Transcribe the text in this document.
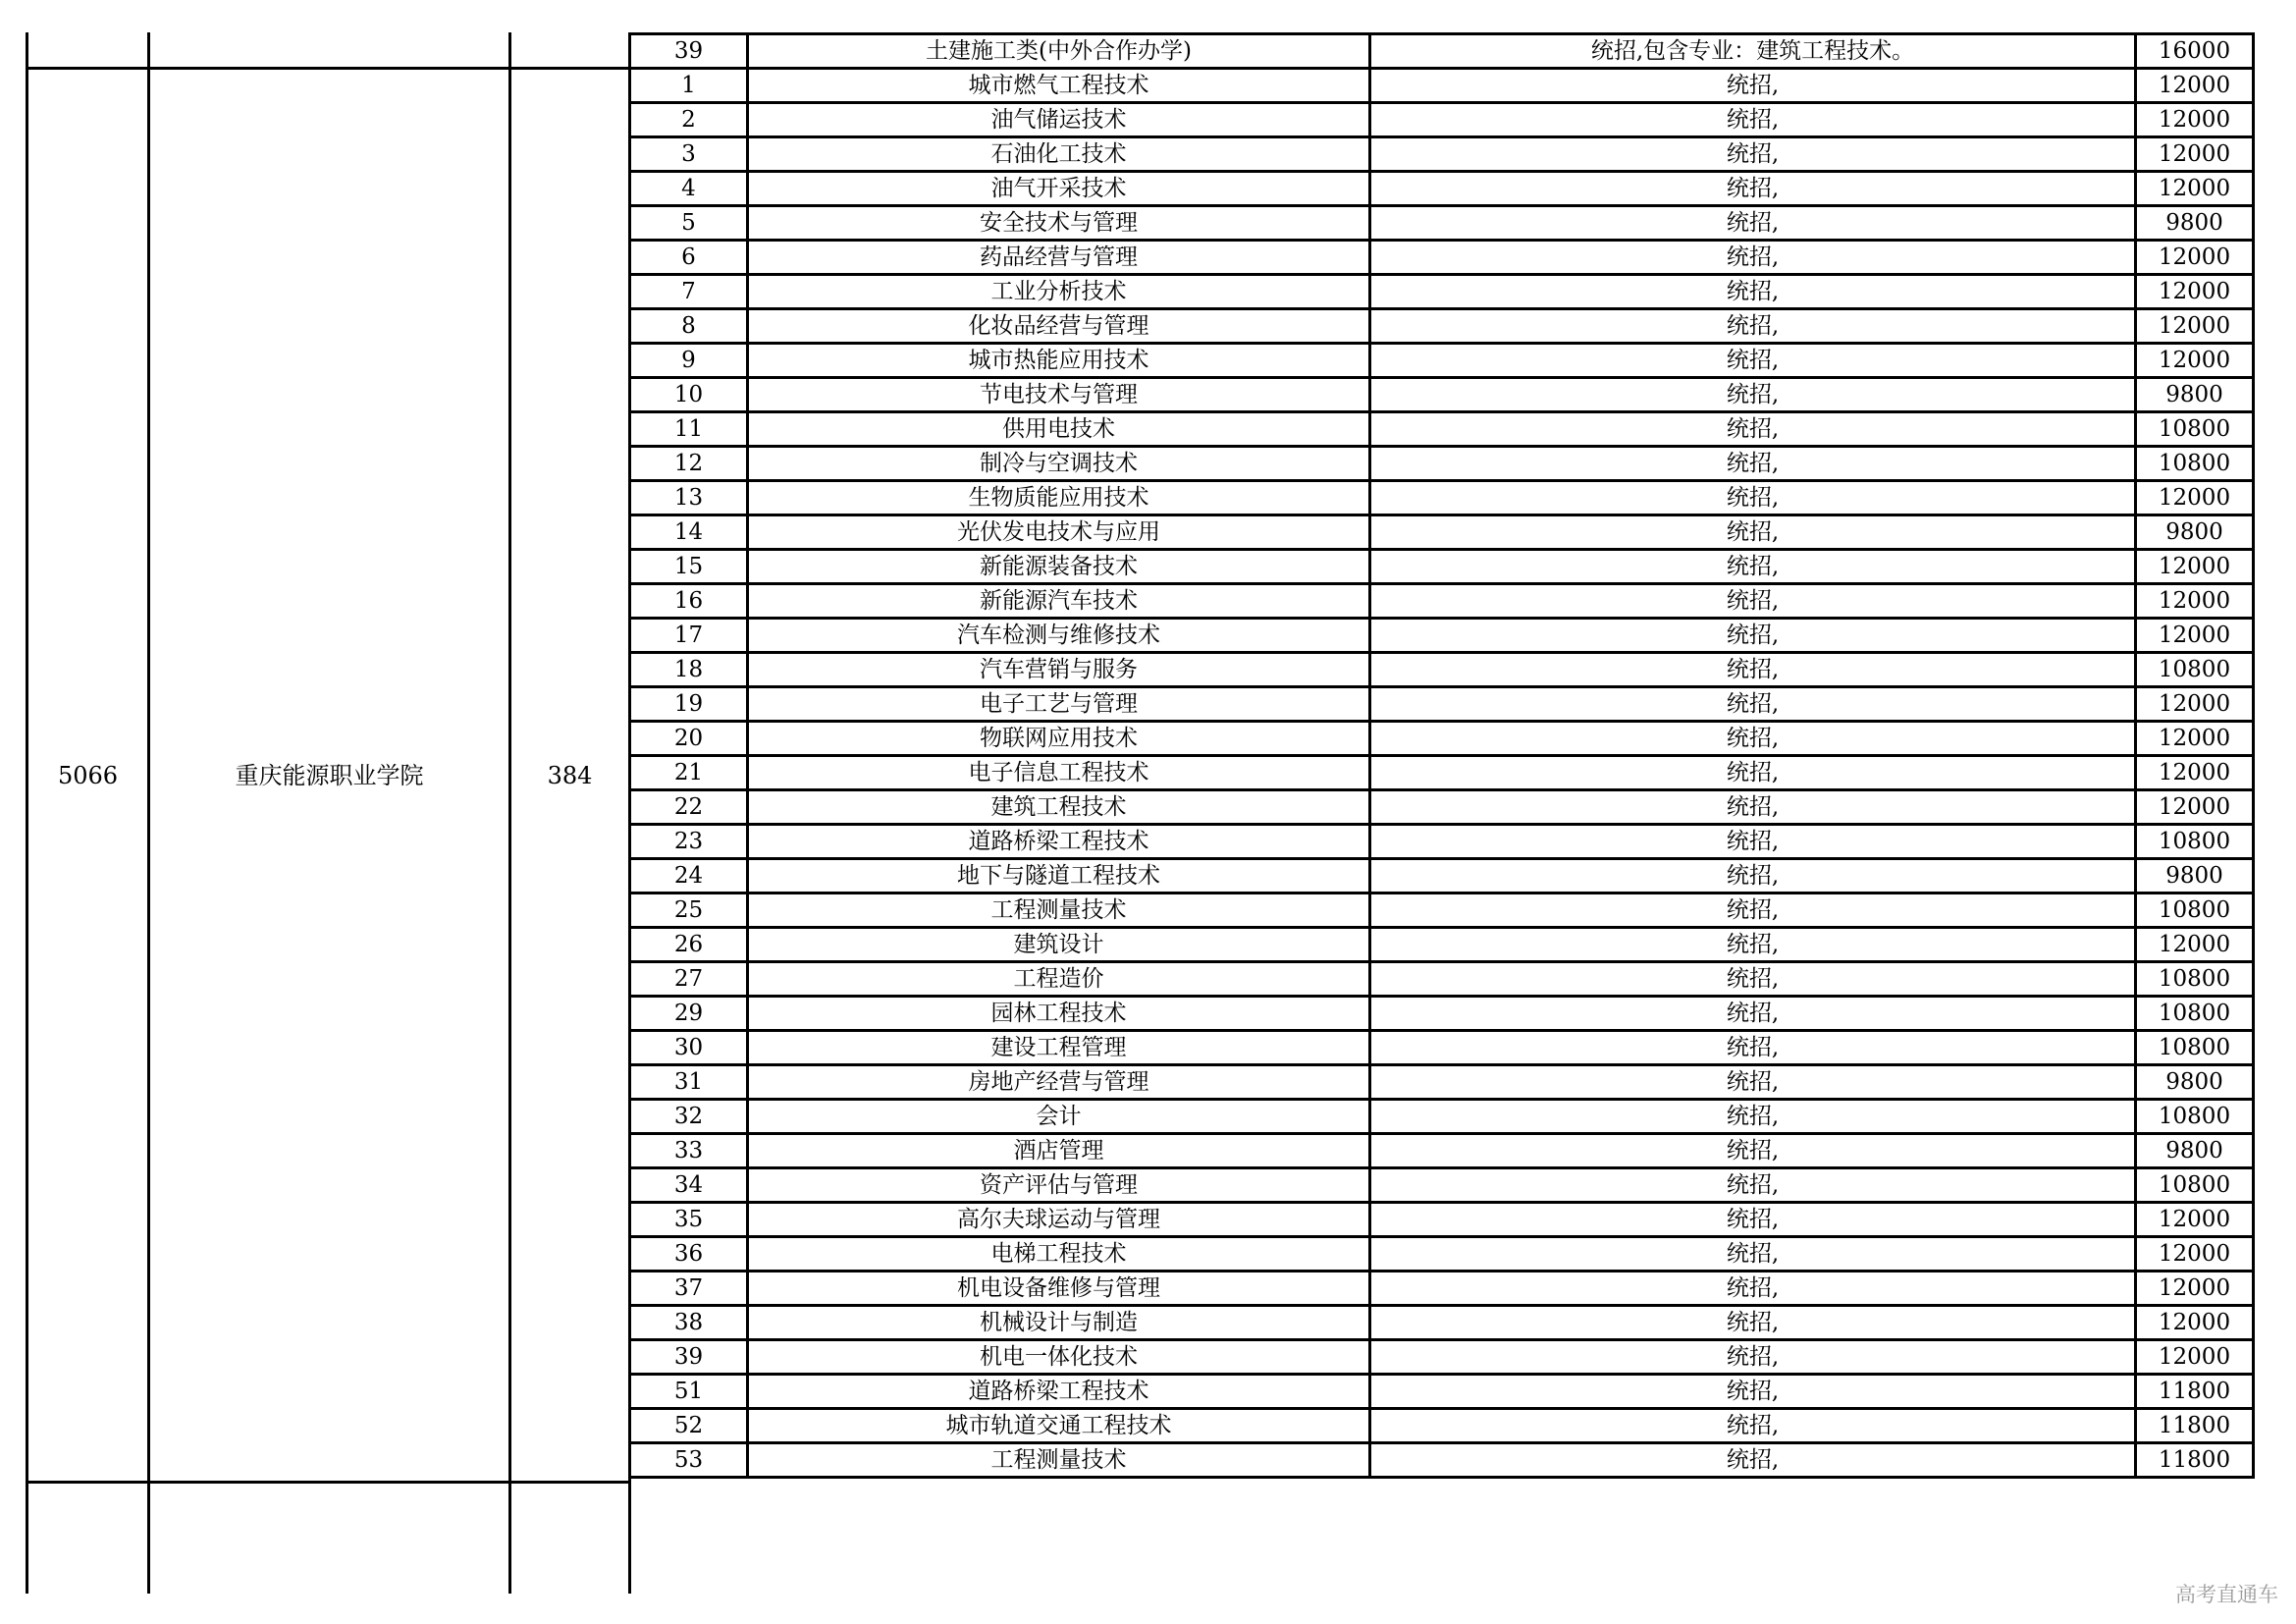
5066	重庆能源职业学院	384
39	土建施工类(中外合作办学)	统招,包含专业：建筑工程技术。	16000
1	城市燃气工程技术	统招,	12000
2	油气储运技术	统招,	12000
3	石油化工技术	统招,	12000
4	油气开采技术	统招,	12000
5	安全技术与管理	统招,	9800
6	药品经营与管理	统招,	12000
7	工业分析技术	统招,	12000
8	化妆品经营与管理	统招,	12000
9	城市热能应用技术	统招,	12000
10	节电技术与管理	统招,	9800
11	供用电技术	统招,	10800
12	制冷与空调技术	统招,	10800
13	生物质能应用技术	统招,	12000
14	光伏发电技术与应用	统招,	9800
15	新能源装备技术	统招,	12000
16	新能源汽车技术	统招,	12000
17	汽车检测与维修技术	统招,	12000
18	汽车营销与服务	统招,	10800
19	电子工艺与管理	统招,	12000
20	物联网应用技术	统招,	12000
21	电子信息工程技术	统招,	12000
22	建筑工程技术	统招,	12000
23	道路桥梁工程技术	统招,	10800
24	地下与隧道工程技术	统招,	9800
25	工程测量技术	统招,	10800
26	建筑设计	统招,	12000
27	工程造价	统招,	10800
29	园林工程技术	统招,	10800
30	建设工程管理	统招,	10800
31	房地产经营与管理	统招,	9800
32	会计	统招,	10800
33	酒店管理	统招,	9800
34	资产评估与管理	统招,	10800
35	高尔夫球运动与管理	统招,	12000
36	电梯工程技术	统招,	12000
37	机电设备维修与管理	统招,	12000
38	机械设计与制造	统招,	12000
39	机电一体化技术	统招,	12000
51	道路桥梁工程技术	统招,	11800
52	城市轨道交通工程技术	统招,	11800
53	工程测量技术	统招,	11800
高考直通车
